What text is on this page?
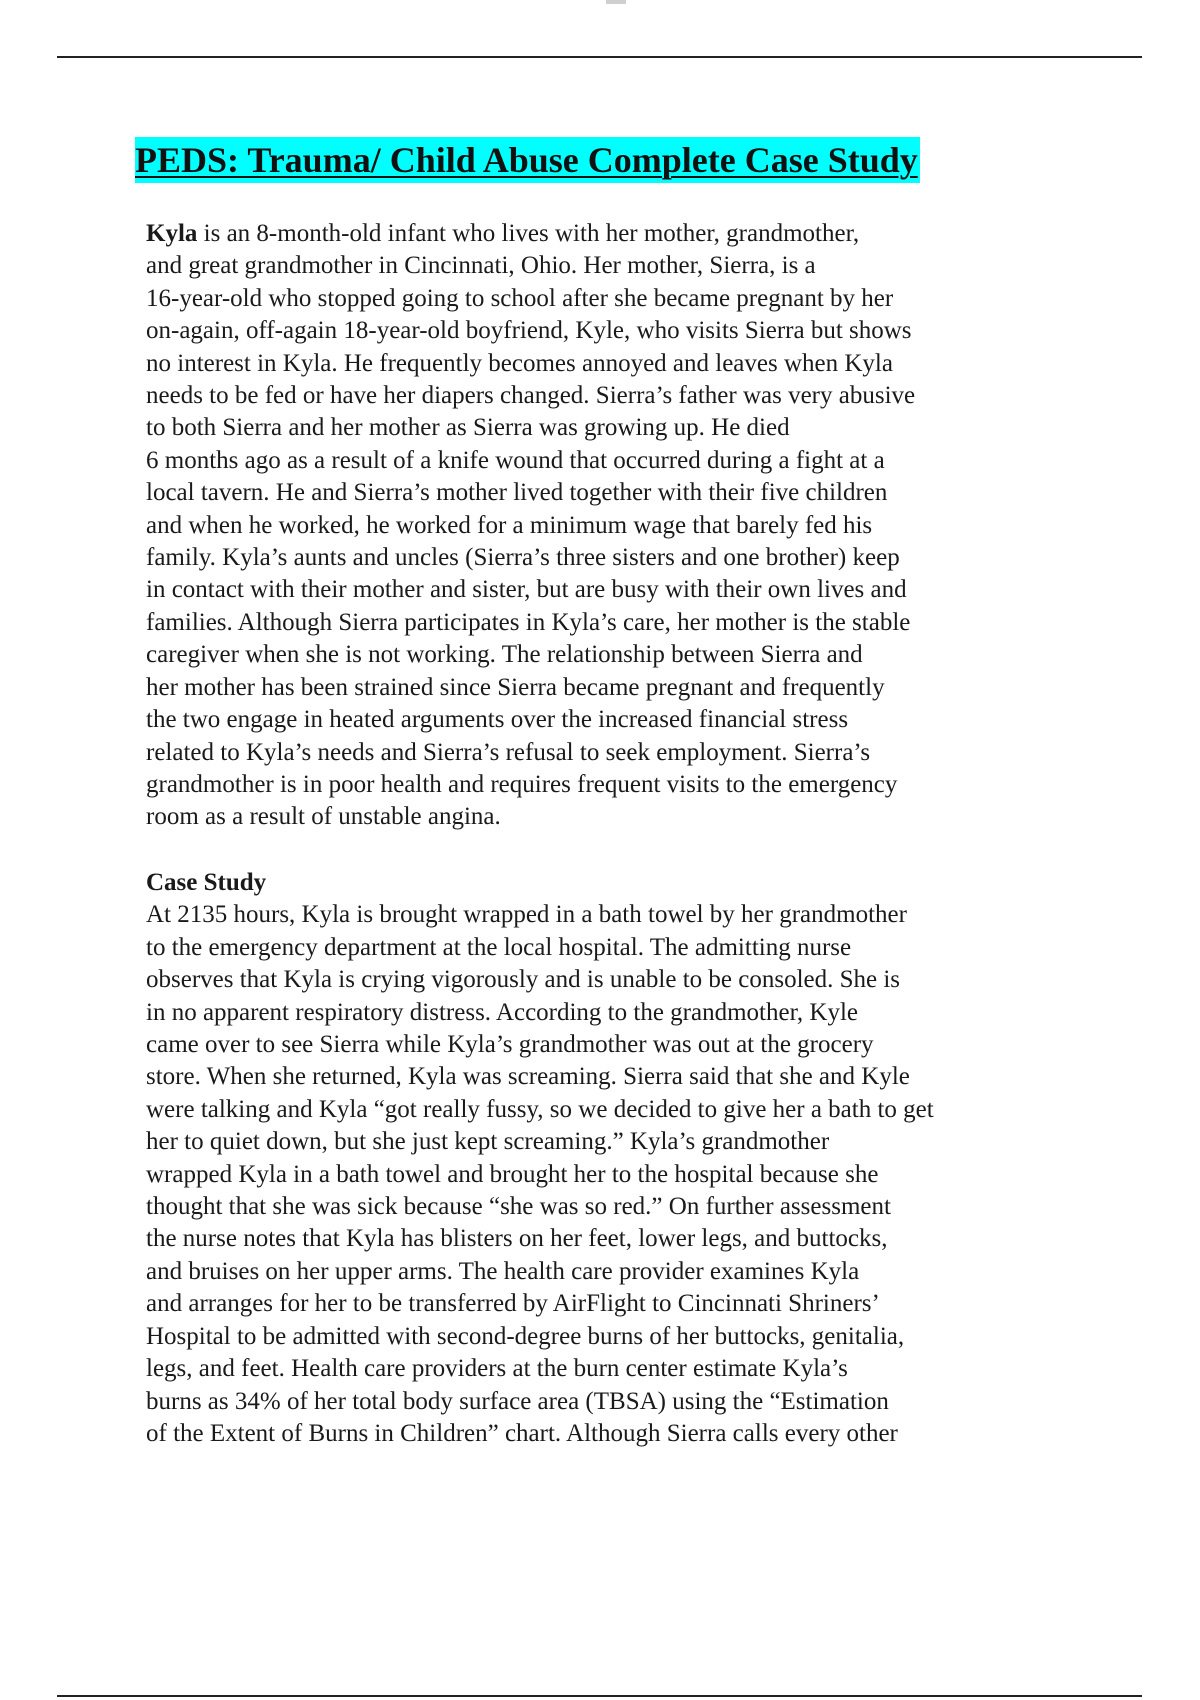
PEDS: Trauma/ Child Abuse Complete Case Study

Kyla is an 8-month-old infant who lives with her mother, grandmother,

and great grandmother in Cincinnati, Ohio. Her mother, Sierra, is a

16-year-old who stopped going to school after she became pregnant by her

on-again, off-again 18-year-old boyfriend, Kyle, who visits Sierra but shows

no interest in Kyla. He frequently becomes annoyed and leaves when Kyla

needs to be fed or have her diapers changed. Sierra’s father was very abusive

to both Sierra and her mother as Sierra was growing up. He died

6 months ago as a result of a knife wound that occurred during a fight at a

local tavern. He and Sierra’s mother lived together with their five children

and when he worked, he worked for a minimum wage that barely fed his

family. Kyla’s aunts and uncles (Sierra’s three sisters and one brother) keep

in contact with their mother and sister, but are busy with their own lives and

families. Although Sierra participates in Kyla’s care, her mother is the stable

caregiver when she is not working. The relationship between Sierra and

her mother has been strained since Sierra became pregnant and frequently

the two engage in heated arguments over the increased financial stress

related to Kyla’s needs and Sierra’s refusal to seek employment. Sierra’s

grandmother is in poor health and requires frequent visits to the emergency

room as a result of unstable angina.

Case Study

At 2135 hours, Kyla is brought wrapped in a bath towel by her grandmother

to the emergency department at the local hospital. The admitting nurse

observes that Kyla is crying vigorously and is unable to be consoled. She is

in no apparent respiratory distress. According to the grandmother, Kyle

came over to see Sierra while Kyla’s grandmother was out at the grocery

store. When she returned, Kyla was screaming. Sierra said that she and Kyle

were talking and Kyla “got really fussy, so we decided to give her a bath to get

her to quiet down, but she just kept screaming.” Kyla’s grandmother

wrapped Kyla in a bath towel and brought her to the hospital because she

thought that she was sick because “she was so red.” On further assessment

the nurse notes that Kyla has blisters on her feet, lower legs, and buttocks,

and bruises on her upper arms. The health care provider examines Kyla

and arranges for her to be transferred by AirFlight to Cincinnati Shriners’

Hospital to be admitted with second-degree burns of her buttocks, genitalia,

legs, and feet. Health care providers at the burn center estimate Kyla’s

burns as 34% of her total body surface area (TBSA) using the “Estimation

of the Extent of Burns in Children” chart. Although Sierra calls every other
